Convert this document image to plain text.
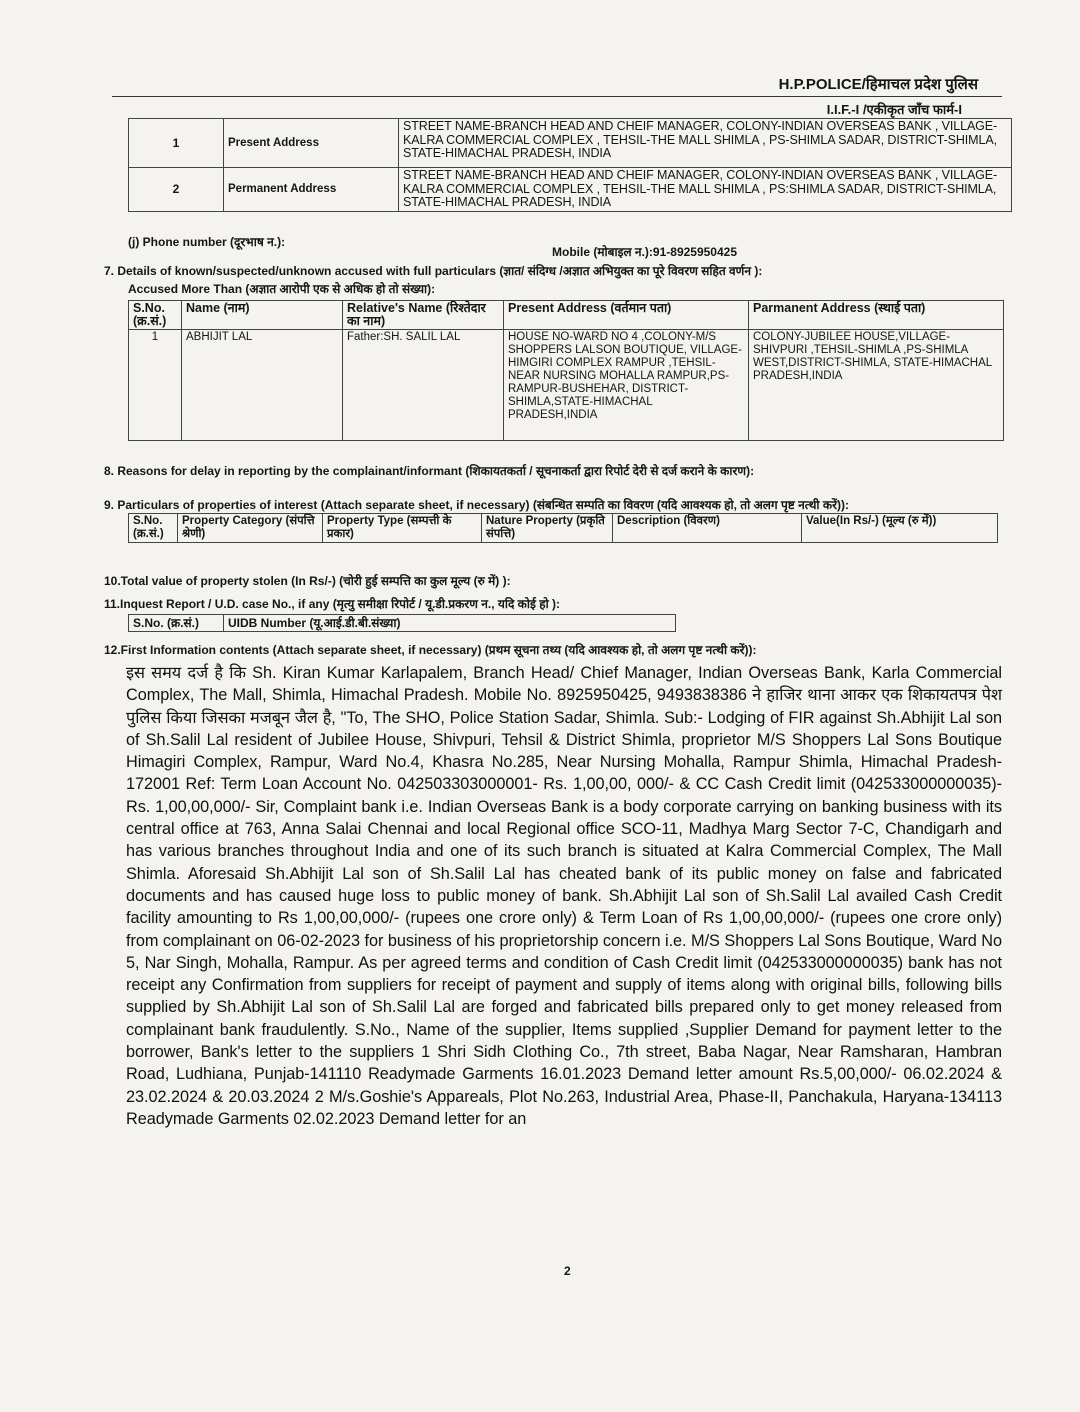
H.P.POLICE/हिमाचल प्रदेश पुलिस
I.I.F.-I /एकीकृत जाँच फार्म-I
1	Present Address	STREET NAME-BRANCH HEAD AND CHEIF MANAGER, COLONY-INDIAN OVERSEAS BANK , VILLAGE-KALRA COMMERCIAL COMPLEX , TEHSIL-THE MALL SHIMLA , PS-SHIMLA SADAR, DISTRICT-SHIMLA, STATE-HIMACHAL PRADESH, INDIA
2	Permanent Address	STREET NAME-BRANCH HEAD AND CHEIF MANAGER, COLONY-INDIAN OVERSEAS BANK , VILLAGE-KALRA COMMERCIAL COMPLEX , TEHSIL-THE MALL SHIMLA , PS:SHIMLA SADAR, DISTRICT-SHIMLA, STATE-HIMACHAL PRADESH, INDIA
(j) Phone number (दूरभाष न.):
Mobile (मोबाइल न.):91-8925950425
7. Details of known/suspected/unknown accused with full particulars (ज्ञात/ संदिग्ध /अज्ञात अभियुक्त का पूरे विवरण सहित वर्णन ):
Accused More Than (अज्ञात आरोपी एक से अधिक हो तो संख्या):
S.No. (क्र.सं.)	Name (नाम)	Relative's Name (रिश्तेदार का नाम)	Present Address (वर्तमान पता)	Parmanent Address (स्थाई पता)
1	ABHIJIT LAL	Father:SH. SALIL LAL	HOUSE NO-WARD NO 4 ,COLONY-M/S SHOPPERS LALSON BOUTIQUE, VILLAGE-HIMGIRI COMPLEX RAMPUR ,TEHSIL-NEAR NURSING MOHALLA RAMPUR,PS-RAMPUR-BUSHEHAR, DISTRICT-SHIMLA,STATE-HIMACHAL PRADESH,INDIA	COLONY-JUBILEE HOUSE,VILLAGE-SHIVPURI ,TEHSIL-SHIMLA ,PS-SHIMLA WEST,DISTRICT-SHIMLA, STATE-HIMACHAL PRADESH,INDIA
8. Reasons for delay in reporting by the complainant/informant (शिकायतकर्ता / सूचनाकर्ता द्वारा रिपोर्ट देरी से दर्ज कराने के कारण):
9. Particulars of properties of interest (Attach separate sheet, if necessary) (संबन्धित सम्पति का विवरण (यदि आवश्यक हो, तो अलग पृष्ट नत्थी करें)):
S.No. (क्र.सं.)	Property Category (संपत्ति श्रेणी)	Property Type (सम्पत्ती के प्रकार)	Nature Property (प्रकृति संपत्ति)	Description (विवरण)	Value(In Rs/-) (मूल्य (रु में))
10.Total value of property stolen (In Rs/-) (चोरी हुई सम्पत्ति का कुल मूल्य (रु में) ):
11.Inquest Report / U.D. case No., if any (मृत्यु समीक्षा रिपोर्ट / यू.डी.प्रकरण न., यदि कोई हो ):
S.No. (क्र.सं.)	UIDB Number (यू.आई.डी.बी.संख्या)
12.First Information contents (Attach separate sheet, if necessary) (प्रथम सूचना तथ्य (यदि आवश्यक हो, तो अलग पृष्ट नत्थी करें)):
इस समय दर्ज है कि Sh. Kiran Kumar Karlapalem, Branch Head/ Chief Manager, Indian Overseas Bank, Karla Commercial Complex, The Mall, Shimla, Himachal Pradesh. Mobile No. 8925950425, 9493838386 ने हाजिर थाना आकर एक शिकायतपत्र पेश पुलिस किया जिसका मजबून जैल है, "To, The SHO, Police Station Sadar, Shimla. Sub:- Lodging of FIR against Sh.Abhijit Lal son of Sh.Salil Lal resident of Jubilee House, Shivpuri, Tehsil & District Shimla, proprietor M/S Shoppers Lal Sons Boutique Himagiri Complex, Rampur, Ward No.4, Khasra No.285, Near Nursing Mohalla, Rampur Shimla, Himachal Pradesh-172001 Ref: Term Loan Account No. 042503303000001- Rs. 1,00,00, 000/- & CC Cash Credit limit (042533000000035)- Rs. 1,00,00,000/- Sir, Complaint bank i.e. Indian Overseas Bank is a body corporate carrying on banking business with its central office at 763, Anna Salai Chennai and local Regional office SCO-11, Madhya Marg Sector 7-C, Chandigarh and has various branches throughout India and one of its such branch is situated at Kalra Commercial Complex, The Mall Shimla. Aforesaid Sh.Abhijit Lal son of Sh.Salil Lal has cheated bank of its public money on false and fabricated documents and has caused huge loss to public money of bank. Sh.Abhijit Lal son of Sh.Salil Lal availed Cash Credit facility amounting to Rs 1,00,00,000/- (rupees one crore only) & Term Loan of Rs 1,00,00,000/- (rupees one crore only) from complainant on 06-02-2023 for business of his proprietorship concern i.e. M/S Shoppers Lal Sons Boutique, Ward No 5, Nar Singh, Mohalla, Rampur. As per agreed terms and condition of Cash Credit limit (042533000000035) bank has not receipt any Confirmation from suppliers for receipt of payment and supply of items along with original bills, following bills supplied by Sh.Abhijit Lal son of Sh.Salil Lal are forged and fabricated bills prepared only to get money released from complainant bank fraudulently. S.No., Name of the supplier, Items supplied ,Supplier Demand for payment letter to the borrower, Bank's letter to the suppliers 1 Shri Sidh Clothing Co., 7th street, Baba Nagar, Near Ramsharan, Hambran Road, Ludhiana, Punjab-141110 Readymade Garments 16.01.2023 Demand letter amount Rs.5,00,000/- 06.02.2024 & 23.02.2024 & 20.03.2024 2 M/s.Goshie's Appareals, Plot No.263, Industrial Area, Phase-II, Panchakula, Haryana-134113 Readymade Garments 02.02.2023 Demand letter for an
2
